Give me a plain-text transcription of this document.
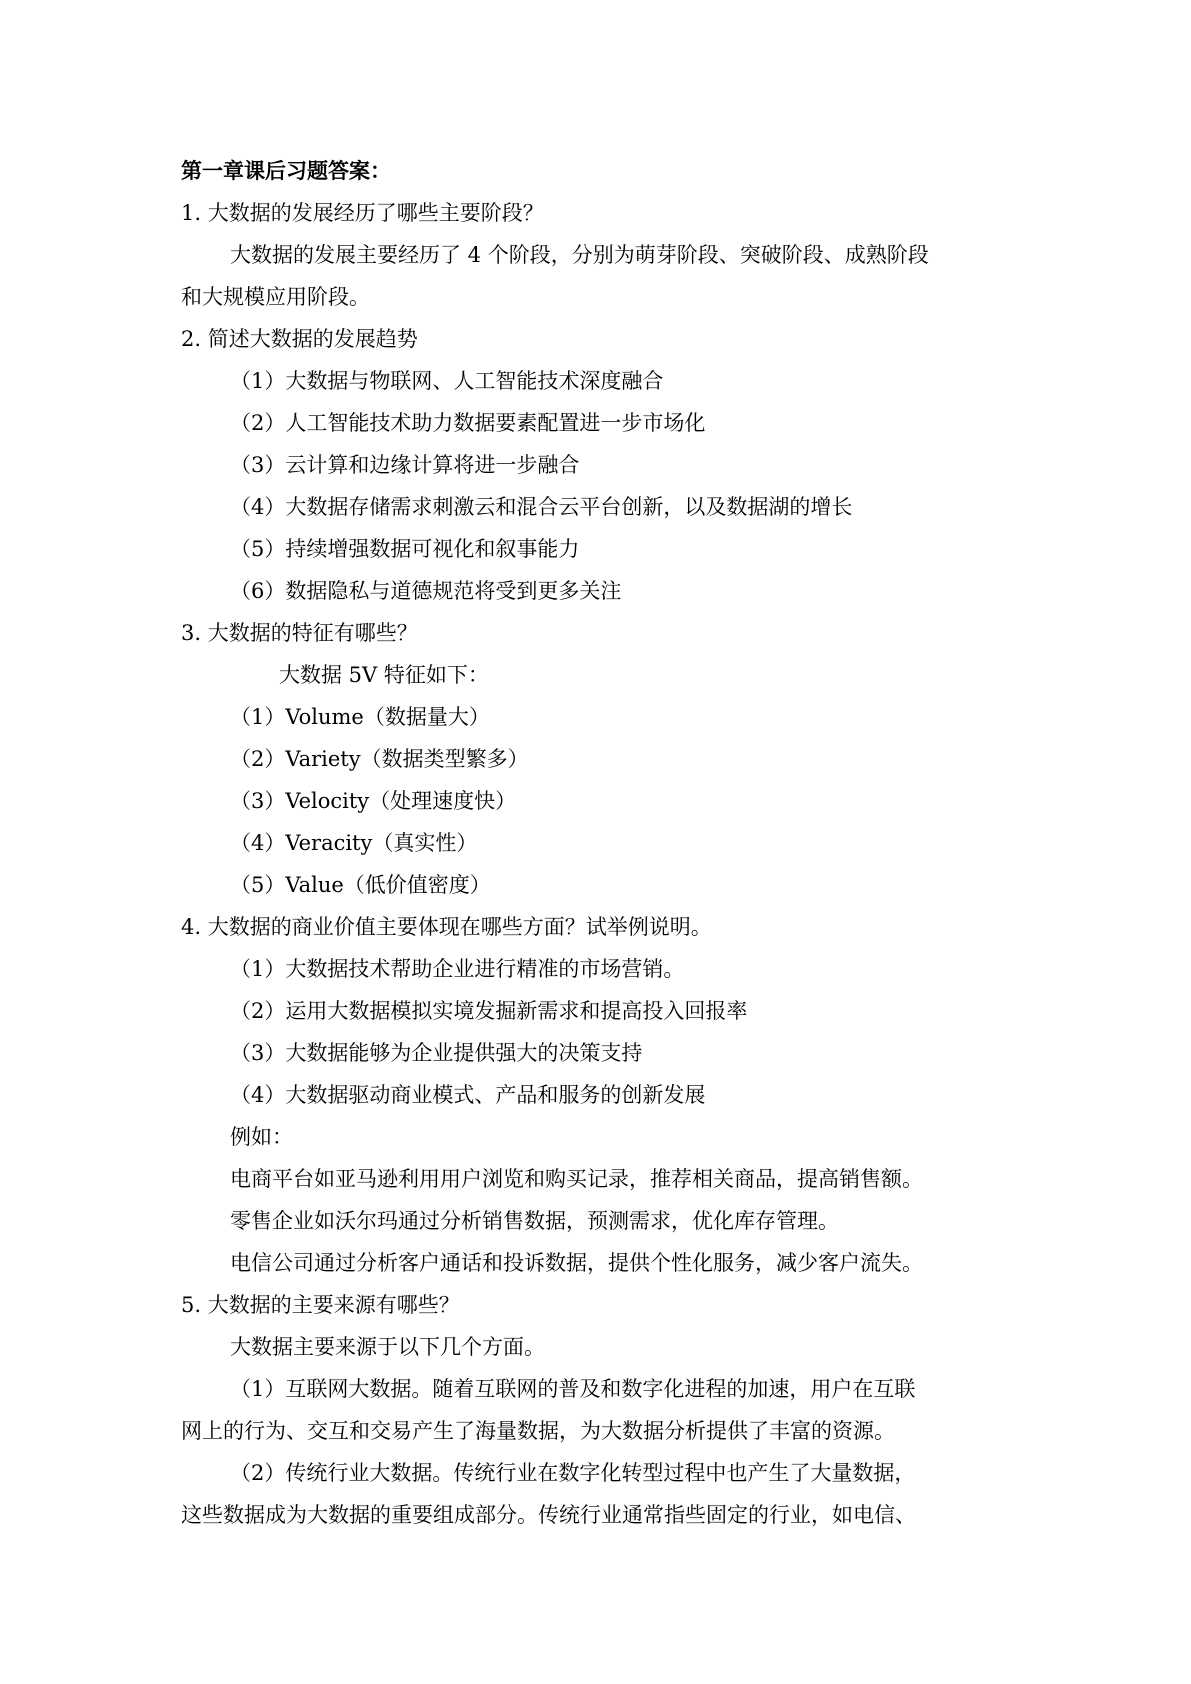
第一章课后习题答案：
1. 大数据的发展经历了哪些主要阶段？
大数据的发展主要经历了 4 个阶段，分别为萌芽阶段、突破阶段、成熟阶段
和大规模应用阶段。
2. 简述大数据的发展趋势
（1）大数据与物联网、人工智能技术深度融合
（2）人工智能技术助力数据要素配置进一步市场化
（3）云计算和边缘计算将进一步融合
（4）大数据存储需求刺激云和混合云平台创新，以及数据湖的增长
（5）持续增强数据可视化和叙事能力
（6）数据隐私与道德规范将受到更多关注
3. 大数据的特征有哪些？
大数据 5V 特征如下：
（1）Volume（数据量大）
（2）Variety（数据类型繁多）
（3）Velocity（处理速度快）
（4）Veracity（真实性）
（5）Value（低价值密度）
4. 大数据的商业价值主要体现在哪些方面？试举例说明。
（1）大数据技术帮助企业进行精准的市场营销。
（2）运用大数据模拟实境发掘新需求和提高投入回报率
（3）大数据能够为企业提供强大的决策支持
（4）大数据驱动商业模式、产品和服务的创新发展
例如：
电商平台如亚马逊利用用户浏览和购买记录，推荐相关商品，提高销售额。
零售企业如沃尔玛通过分析销售数据，预测需求，优化库存管理。
电信公司通过分析客户通话和投诉数据，提供个性化服务，减少客户流失。
5. 大数据的主要来源有哪些？
大数据主要来源于以下几个方面。
（1）互联网大数据。随着互联网的普及和数字化进程的加速，用户在互联
网上的行为、交互和交易产生了海量数据，为大数据分析提供了丰富的资源。
（2）传统行业大数据。传统行业在数字化转型过程中也产生了大量数据，
这些数据成为大数据的重要组成部分。传统行业通常指些固定的行业，如电信、
